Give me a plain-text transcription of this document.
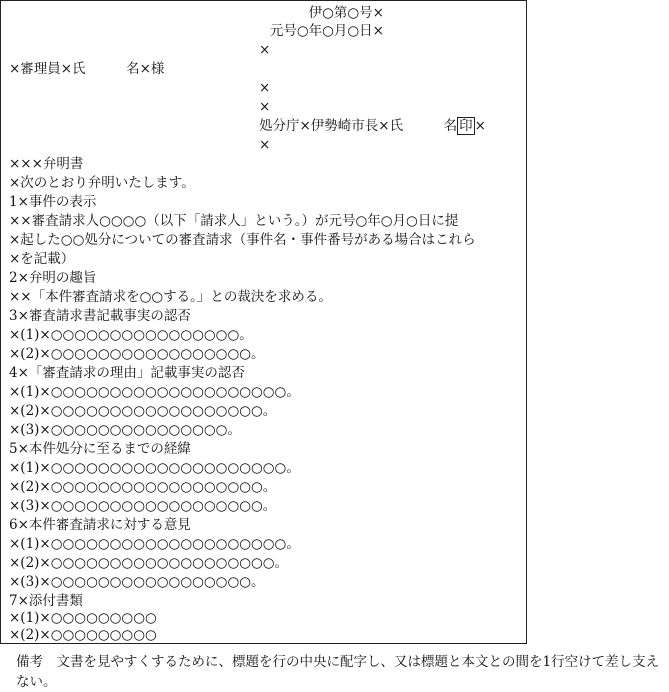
伊○第○号×
元号○年○月○日×
×
×審理員×氏　　　名×様
×
×
処分庁×伊勢崎市長×氏　　　名 印 ×
×
×××弁明書
×次のとおり弁明いたします。
1×事件の表示
××審査請求人○○○○（以下「請求人」という。）が元号○年○月○日に提
×起した○○処分についての審査請求（事件名・事件番号がある場合はこれら
×を記載）
2×弁明の趣旨
××「本件審査請求を○○する。」との裁決を求める。
3×審査請求書記載事実の認否
×(1)×○○○○○○○○○○○○○○○○。
×(2)×○○○○○○○○○○○○○○○○○。
4×「審査請求の理由」記載事実の認否
×(1)×○○○○○○○○○○○○○○○○○○○○。
×(2)×○○○○○○○○○○○○○○○○○○。
×(3)×○○○○○○○○○○○○○○○。
5×本件処分に至るまでの経緯
×(1)×○○○○○○○○○○○○○○○○○○○○。
×(2)×○○○○○○○○○○○○○○○○○○。
×(3)×○○○○○○○○○○○○○○○○○○。
6×本件審査請求に対する意見
×(1)×○○○○○○○○○○○○○○○○○○○○。
×(2)×○○○○○○○○○○○○○○○○○○○。
×(3)×○○○○○○○○○○○○○○○○○。
7×添付書類
×(1)×○○○○○○○○○
×(2)×○○○○○○○○○
備考　文書を見やすくするために、標題を行の中央に配字し、又は標題と本文との間を1行空けて差し支えない。
